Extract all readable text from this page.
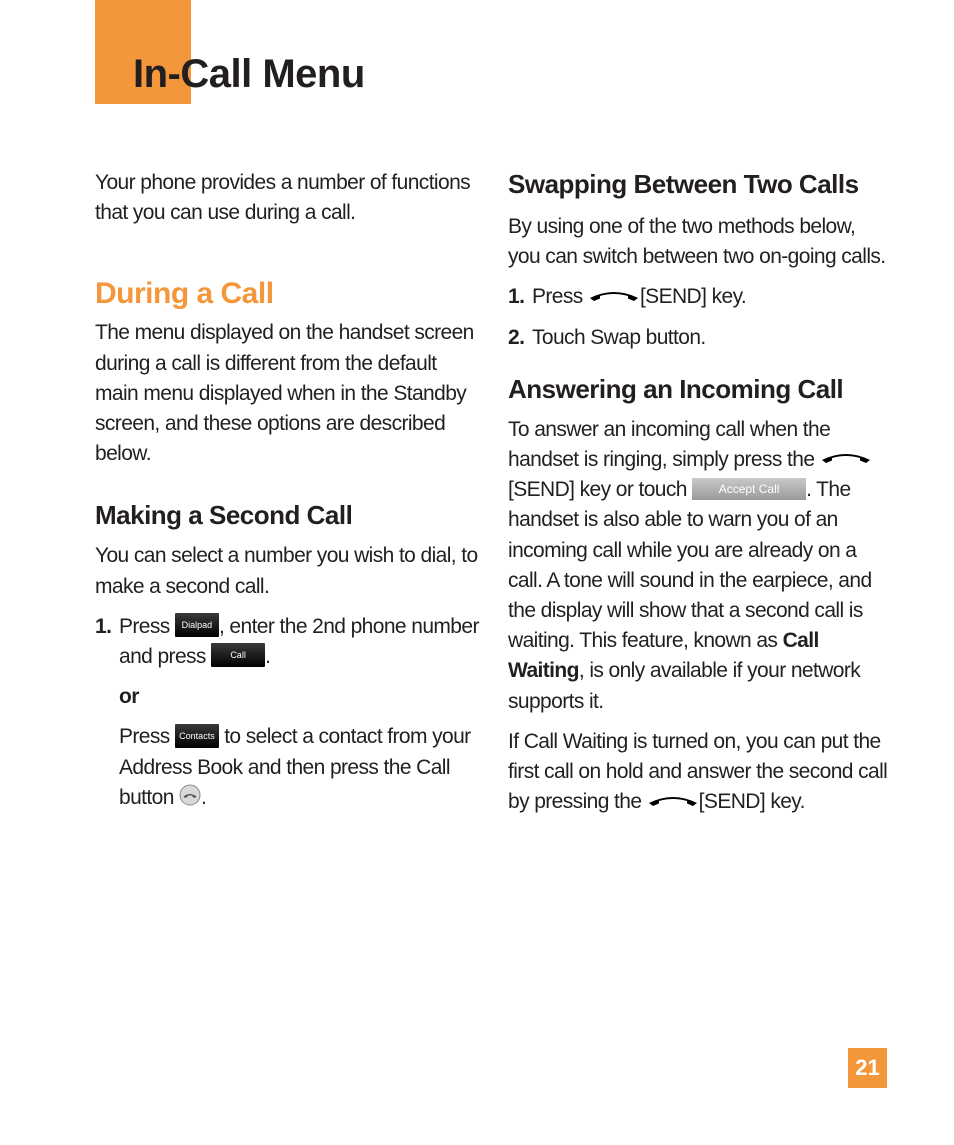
In-Call Menu

Your phone provides a number of functions that you can use during a call.

During a Call

The menu displayed on the handset screen during a call is different from the default main menu displayed when in the Standby screen, and these options are described below.

Making a Second Call

You can select a number you wish to dial, to make a second call.

1. Press Dialpad , enter the 2nd phone number and press	Call .

or

Press Contacts to select a contact from your Address Book and then press the Call button .

Swapping Between Two Calls

By using one of the two methods below, you can switch between two on-going calls.

1. Press	[SEND] key.

2. Touch Swap button.

Answering an Incoming Call

To answer an incoming call when the handset is ringing, simply press the [SEND] key or touch	Accept Call . The handset is also able to warn you of an incoming call while you are already on a call. A tone will sound in the earpiece, and the display will show that a second call is waiting. This feature, known as Call Waiting, is only available if your network supports it.

If Call Waiting is turned on, you can put the first call on hold and answer the second call by pressing the	[SEND] key.

21
